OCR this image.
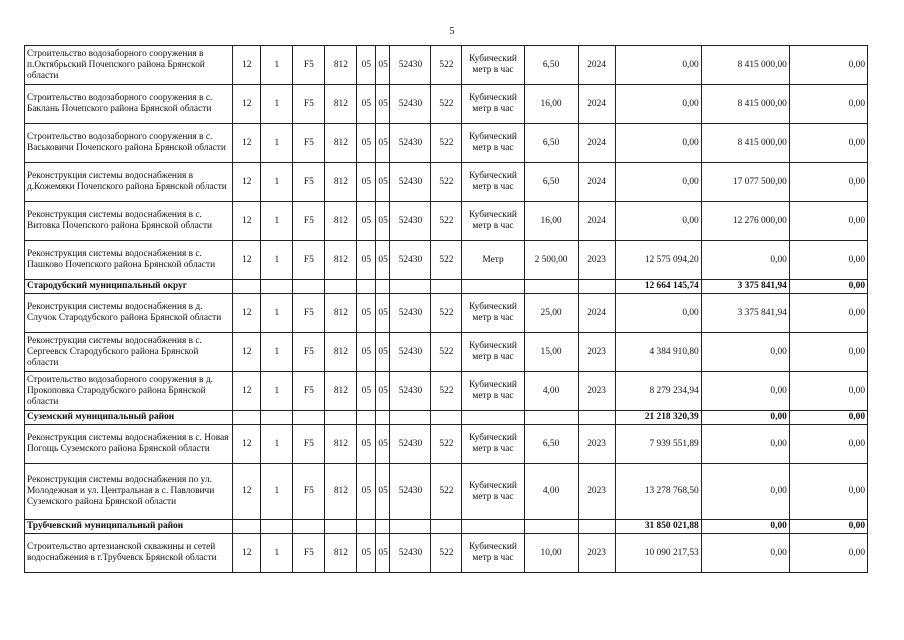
5
Строительство водозаборного сооружения в п.Октябрьский Почепского района Брянской области	12	1	F5	812	05	05	52430	522	Кубический метр в час	6,50	2024	0,00	8 415 000,00	0,00
Строительство водозаборного сооружения в с. Баклань Почепского района Брянской области	12	1	F5	812	05	05	52430	522	Кубический метр в час	16,00	2024	0,00	8 415 000,00	0,00
Строительство водозаборного сооружения в с. Васьковичи Почепского района Брянской области	12	1	F5	812	05	05	52430	522	Кубический метр в час	6,50	2024	0,00	8 415 000,00	0,00
Реконструкция системы водоснабжения в д.Кожемяки Почепского района Брянской области	12	1	F5	812	05	05	52430	522	Кубический метр в час	6,50	2024	0,00	17 077 500,00	0,00
Реконструкция системы водоснабжения в с. Витовка Почепского района Брянской области	12	1	F5	812	05	05	52430	522	Кубический метр в час	16,00	2024	0,00	12 276 000,00	0,00
Реконструкция системы водоснабжения в с. Пашково Почепского района Брянской области	12	1	F5	812	05	05	52430	522	Метр	2 500,00	2023	12 575 094,20	0,00	0,00
Стародубский муниципальный округ												12 664 145,74	3 375 841,94	0,00
Реконструкция системы водоснабжения в д. Случок Стародубского района Брянской области	12	1	F5	812	05	05	52430	522	Кубический метр в час	25,00	2024	0,00	3 375 841,94	0,00
Реконструкция системы водоснабжения в с. Сергеевск Стародубского района Брянской области	12	1	F5	812	05	05	52430	522	Кубический метр в час	15,00	2023	4 384 910,80	0,00	0,00
Строительство водозаборного сооружения в д. Прокоповка Стародубского района Брянской области	12	1	F5	812	05	05	52430	522	Кубический метр в час	4,00	2023	8 279 234,94	0,00	0,00
Суземский муниципальный район												21 218 320,39	0,00	0,00
Реконструкция системы водоснабжения в с. Новая Погощь Суземского района Брянской области	12	1	F5	812	05	05	52430	522	Кубический метр в час	6,50	2023	7 939 551,89	0,00	0,00
Реконструкция системы водоснабжения по ул. Молодежная и ул. Центральная в с. Павловичи Суземского района Брянской области	12	1	F5	812	05	05	52430	522	Кубический метр в час	4,00	2023	13 278 768,50	0,00	0,00
Трубчевский муниципальный район												31 850 021,88	0,00	0,00
Строительство артезианской скважины и сетей водоснабжения в г.Трубчевск Брянской области	12	1	F5	812	05	05	52430	522	Кубический метр в час	10,00	2023	10 090 217,53	0,00	0,00
